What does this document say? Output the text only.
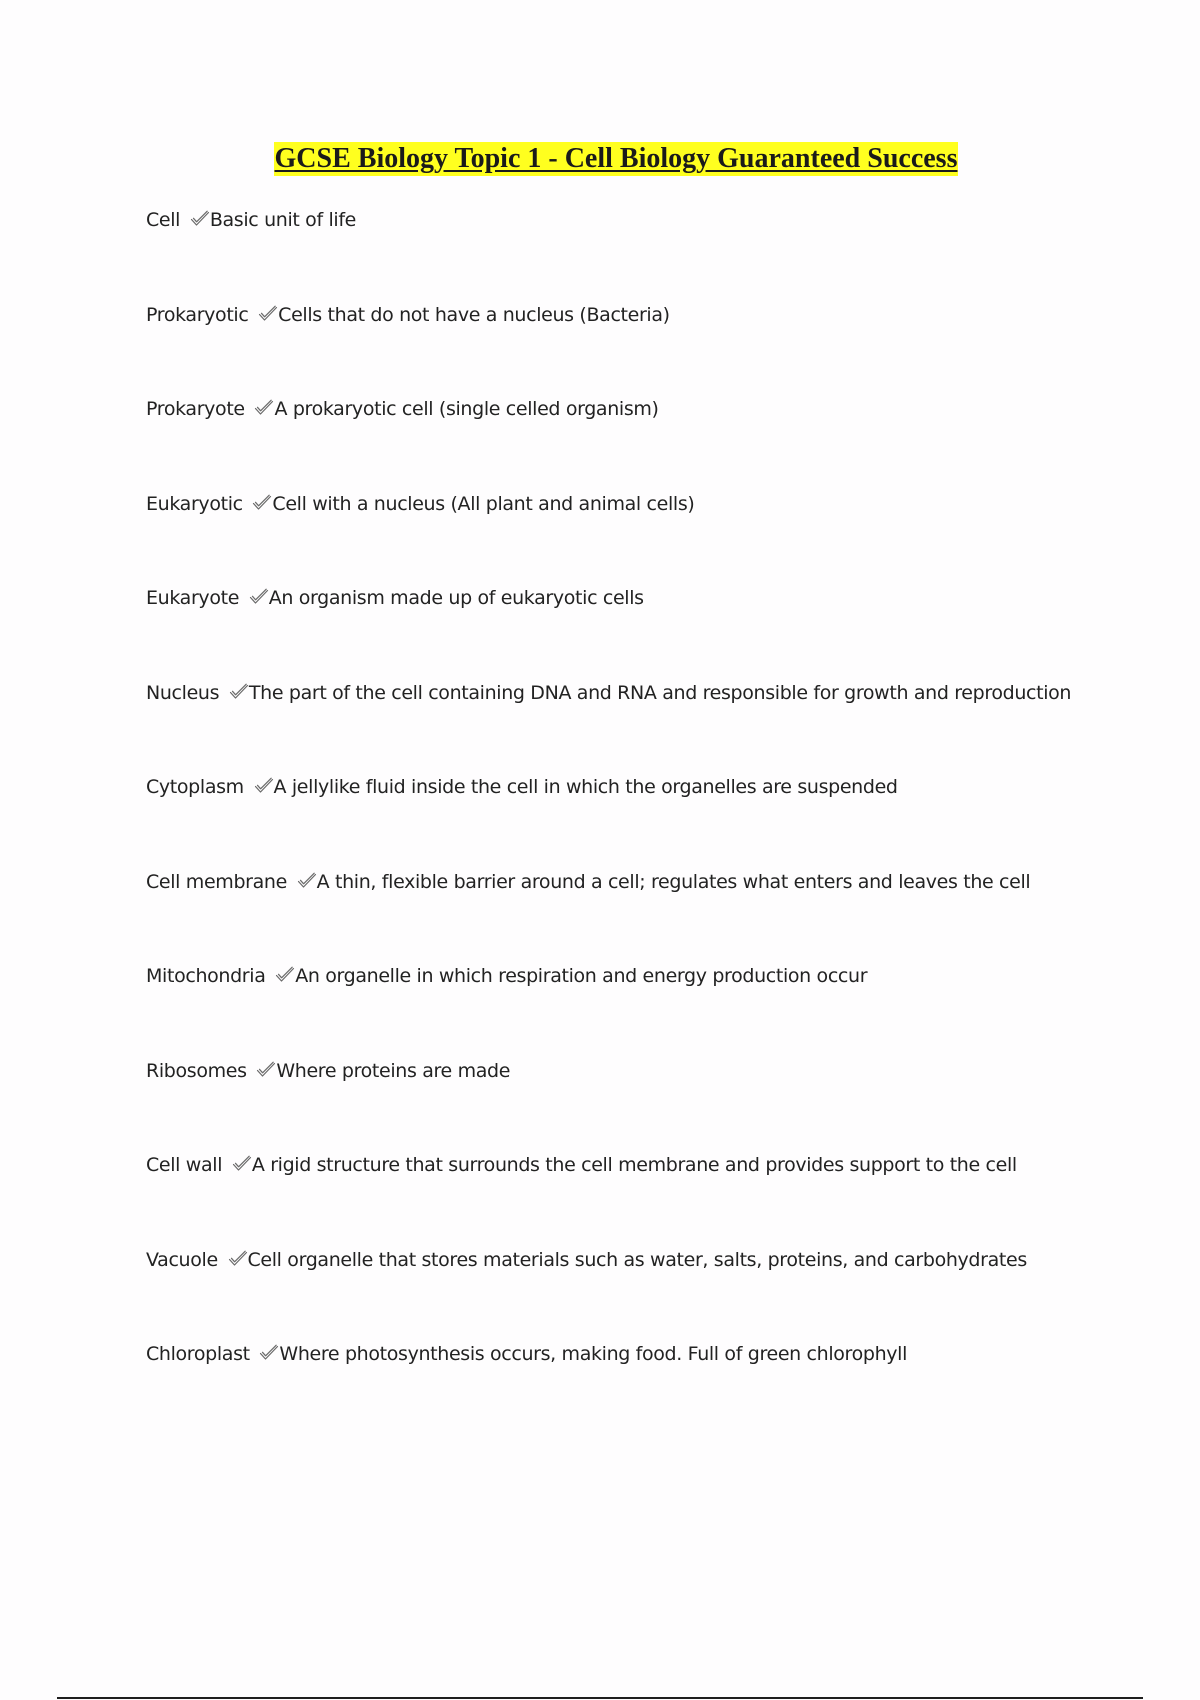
GCSE Biology Topic 1 - Cell Biology Guaranteed Success
Cell Basic unit of life
Prokaryotic Cells that do not have a nucleus (Bacteria)
Prokaryote A prokaryotic cell (single celled organism)
Eukaryotic Cell with a nucleus (All plant and animal cells)
Eukaryote An organism made up of eukaryotic cells
Nucleus The part of the cell containing DNA and RNA and responsible for growth and reproduction
Cytoplasm A jellylike fluid inside the cell in which the organelles are suspended
Cell membrane A thin, flexible barrier around a cell; regulates what enters and leaves the cell
Mitochondria An organelle in which respiration and energy production occur
Ribosomes Where proteins are made
Cell wall A rigid structure that surrounds the cell membrane and provides support to the cell
Vacuole Cell organelle that stores materials such as water, salts, proteins, and carbohydrates
Chloroplast Where photosynthesis occurs, making food. Full of green chlorophyll
